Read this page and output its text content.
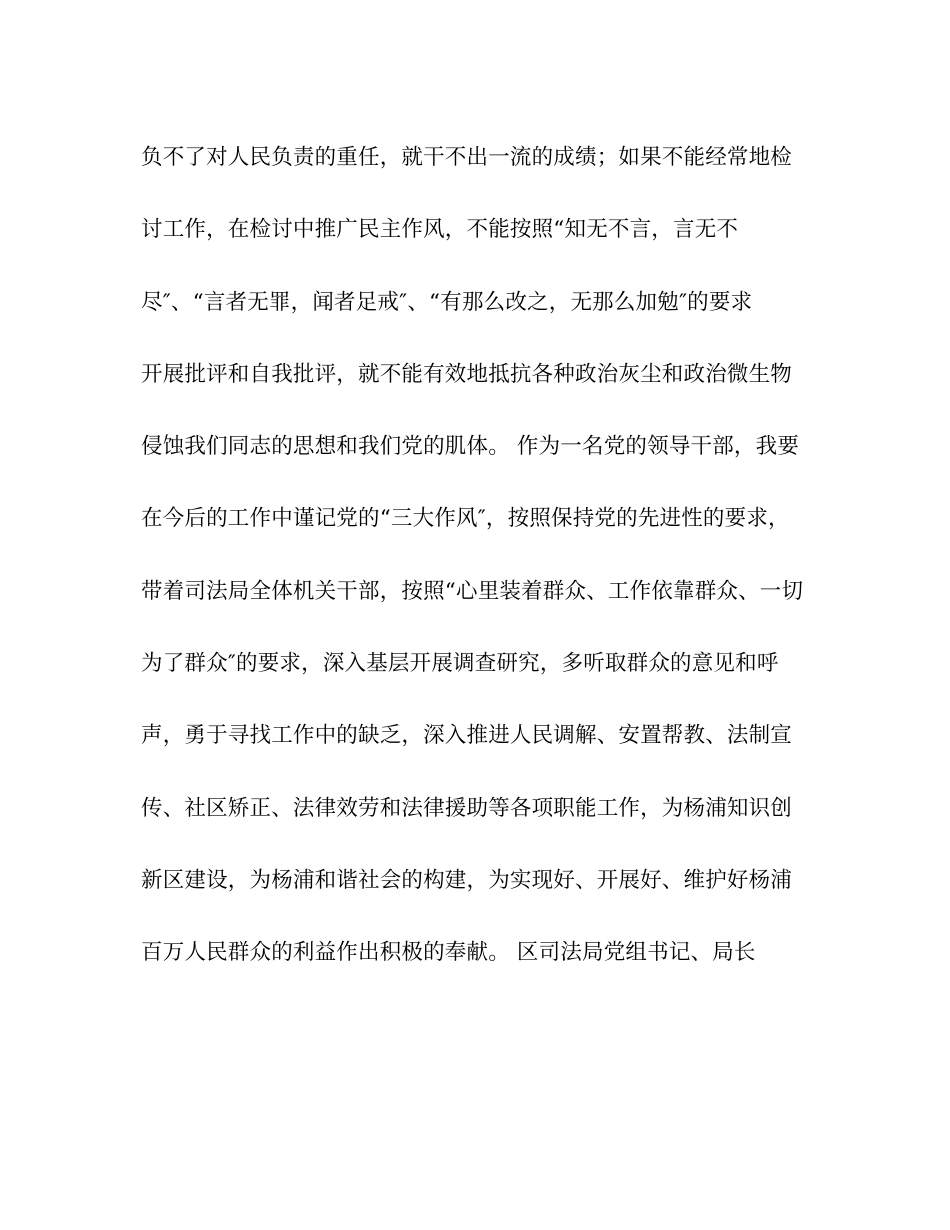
负不了对人民负责的重任，就干不出一流的成绩；如果不能经常地检
讨工作，在检讨中推广民主作风，不能按照“知无不言，言无不
尽″、“言者无罪，闻者足戒″、“有那么改之，无那么加勉″的要求
开展批评和自我批评，就不能有效地抵抗各种政治灰尘和政治微生物
侵蚀我们同志的思想和我们党的肌体。 作为一名党的领导干部，我要
在今后的工作中谨记党的“三大作风″，按照保持党的先进性的要求，
带着司法局全体机关干部，按照“心里装着群众、工作依靠群众、一切
为了群众″的要求，深入基层开展调查研究，多听取群众的意见和呼
声，勇于寻找工作中的缺乏，深入推进人民调解、安置帮教、法制宣
传、社区矫正、法律效劳和法律援助等各项职能工作，为杨浦知识创
新区建设，为杨浦和谐社会的构建，为实现好、开展好、维护好杨浦
百万人民群众的利益作出积极的奉献。 区司法局党组书记、局长
